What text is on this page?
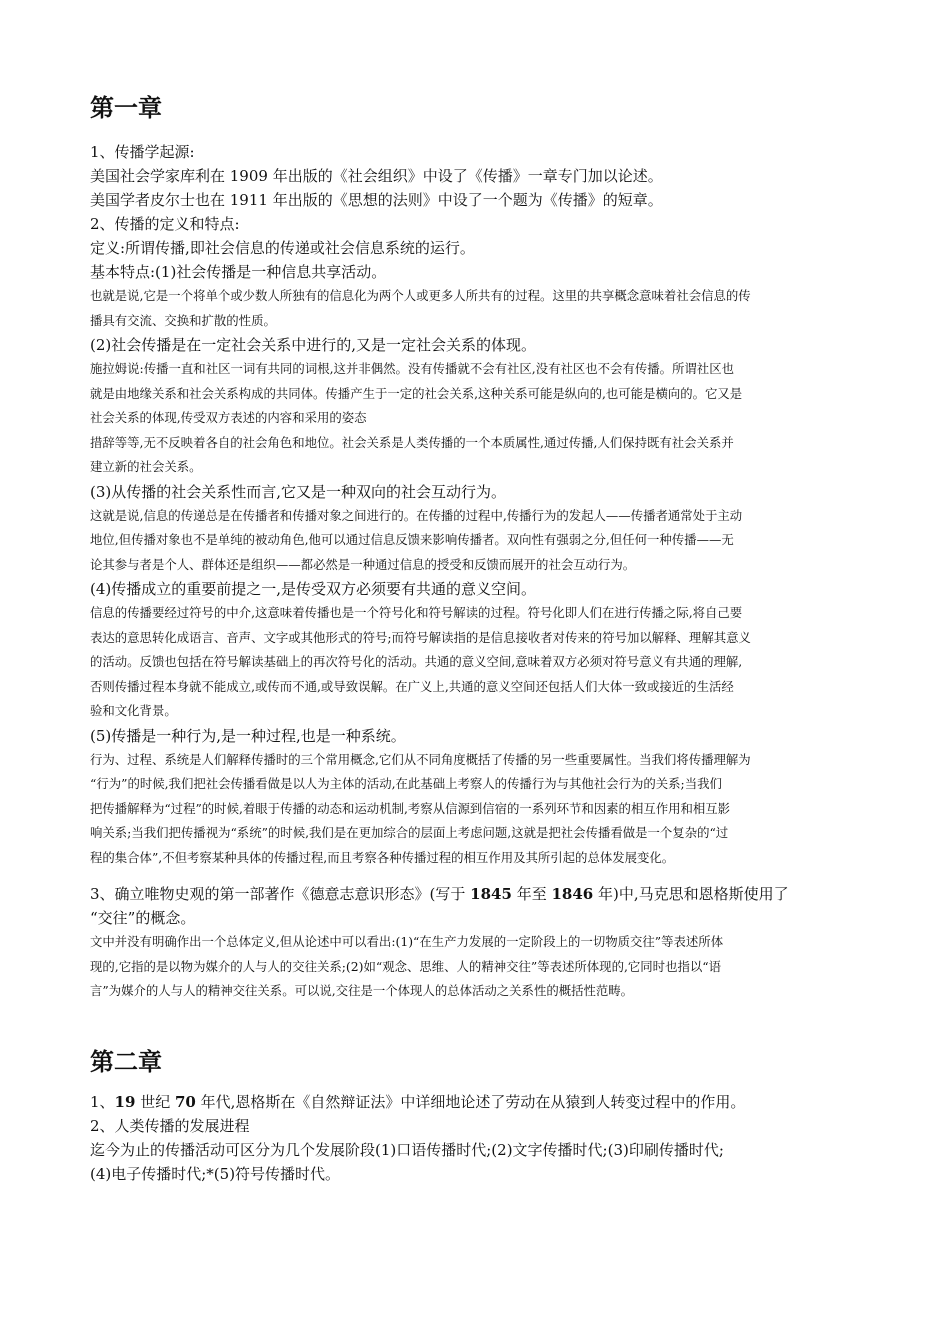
第一章

1、传播学起源:

美国社会学家库利在 1909 年出版的《社会组织》中设了《传播》一章专门加以论述。

美国学者皮尔士也在 1911 年出版的《思想的法则》中设了一个题为《传播》的短章。

2、传播的定义和特点:

定义:所谓传播,即社会信息的传递或社会信息系统的运行。

基本特点:(1)社会传播是一种信息共享活动。

也就是说,它是一个将单个或少数人所独有的信息化为两个人或更多人所共有的过程。这里的共享概念意味着社会信息的传

播具有交流、交换和扩散的性质。

(2)社会传播是在一定社会关系中进行的,又是一定社会关系的体现。

施拉姆说:传播一直和社区一词有共同的词根,这并非偶然。没有传播就不会有社区,没有社区也不会有传播。所谓社区也

就是由地缘关系和社会关系构成的共同体。传播产生于一定的社会关系,这种关系可能是纵向的,也可能是横向的。它又是

社会关系的体现,传受双方表述的内容和采用的姿态

措辞等等,无不反映着各自的社会角色和地位。社会关系是人类传播的一个本质属性,通过传播,人们保持既有社会关系并

建立新的社会关系。

(3)从传播的社会关系性而言,它又是一种双向的社会互动行为。

这就是说,信息的传递总是在传播者和传播对象之间进行的。在传播的过程中,传播行为的发起人——传播者通常处于主动

地位,但传播对象也不是单纯的被动角色,他可以通过信息反馈来影响传播者。双向性有强弱之分,但任何一种传播——无

论其参与者是个人、群体还是组织——都必然是一种通过信息的授受和反馈而展开的社会互动行为。

(4)传播成立的重要前提之一,是传受双方必须要有共通的意义空间。

信息的传播要经过符号的中介,这意味着传播也是一个符号化和符号解读的过程。符号化即人们在进行传播之际,将自己要

表达的意思转化成语言、音声、文字或其他形式的符号;而符号解读指的是信息接收者对传来的符号加以解释、理解其意义

的活动。反馈也包括在符号解读基础上的再次符号化的活动。共通的意义空间,意味着双方必须对符号意义有共通的理解,

否则传播过程本身就不能成立,或传而不通,或导致误解。在广义上,共通的意义空间还包括人们大体一致或接近的生活经

验和文化背景。

(5)传播是一种行为,是一种过程,也是一种系统。

行为、过程、系统是人们解释传播时的三个常用概念,它们从不同角度概括了传播的另一些重要属性。当我们将传播理解为

“行为”的时候,我们把社会传播看做是以人为主体的活动,在此基础上考察人的传播行为与其他社会行为的关系;当我们

把传播解释为“过程”的时候,着眼于传播的动态和运动机制,考察从信源到信宿的一系列环节和因素的相互作用和相互影

响关系;当我们把传播视为“系统”的时候,我们是在更加综合的层面上考虑问题,这就是把社会传播看做是一个复杂的“过

程的集合体”,不但考察某种具体的传播过程,而且考察各种传播过程的相互作用及其所引起的总体发展变化。

3、确立唯物史观的第一部著作《德意志意识形态》(写于 1845 年至 1846 年)中,马克思和恩格斯使用了

“交往”的概念。

文中并没有明确作出一个总体定义,但从论述中可以看出:(1)“在生产力发展的一定阶段上的一切物质交往”等表述所体

现的,它指的是以物为媒介的人与人的交往关系;(2)如“观念、思维、人的精神交往”等表述所体现的,它同时也指以“语

言”为媒介的人与人的精神交往关系。可以说,交往是一个体现人的总体活动之关系性的概括性范畴。

第二章

1、19 世纪 70 年代,恩格斯在《自然辩证法》中详细地论述了劳动在从猿到人转变过程中的作用。

2、人类传播的发展进程

迄今为止的传播活动可区分为几个发展阶段(1)口语传播时代;(2)文字传播时代;(3)印刷传播时代;

(4)电子传播时代;*(5)符号传播时代。
